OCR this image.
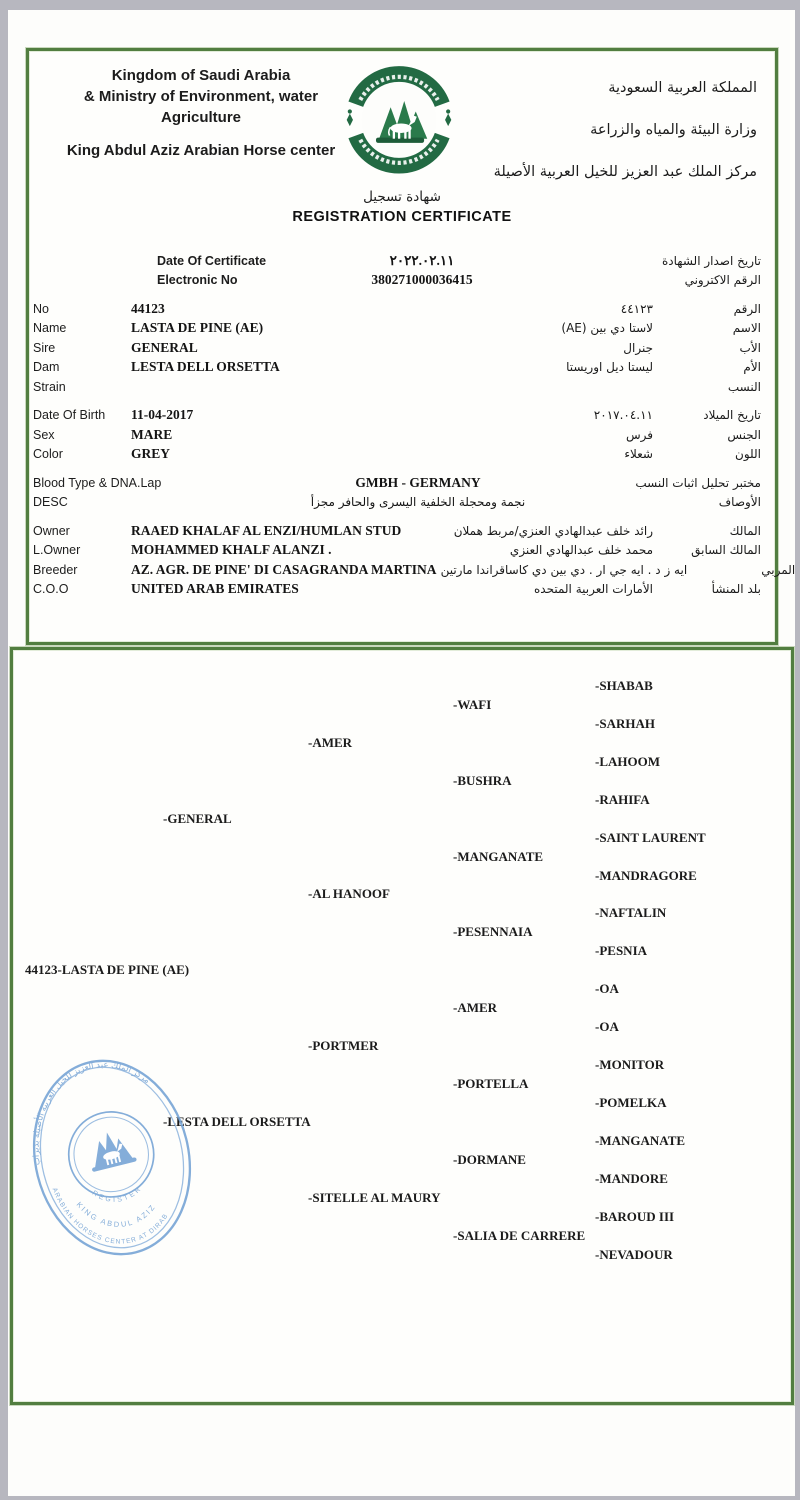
Kingdom of Saudi Arabia
& Ministry of Environment, water
Agriculture
King Abdul Aziz Arabian Horse center
المملكة العربية السعودية
وزارة البيئة والمياه والزراعة
مركز الملك عبد العزيز للخيل العربية الأصيلة
شهادة تسجيل
REGISTRATION CERTIFICATE
Date Of Certificate	٢٠٢٢.٠٢.١١	تاريخ اصدار الشهادة
Electronic No	380271000036415	الرقم الاكتروني
No	44123	٤٤١٢٣	الرقم
Name	LASTA DE PINE (AE)	لاستا دي بين (AE)	الاسم
Sire	GENERAL	جنرال	الأب
Dam	LESTA DELL ORSETTA	ليستا ديل اوريستا	الأم
Strain	النسب
Date Of Birth	11-04-2017	٢٠١٧.٠٤.١١	تاريخ الميلاد
Sex	MARE	فرس	الجنس
Color	GREY	شعلاء	اللون
Blood Type & DNA.Lap	GMBH - GERMANY	مختبر تحليل اثبات النسب
DESC	نجمة ومحجلة الخلفية اليسرى والحافر مجزأ	الأوصاف
Owner	RAAED KHALAF AL ENZI/HUMLAN STUD	رائد خلف عبدالهادي العنزي/مربط هملان	المالك
L.Owner	MOHAMMED KHALF ALANZI .	محمد خلف عبدالهادي العنزي	المالك السابق
Breeder	AZ. AGR. DE PINE' DI CASAGRANDA MARTINA ايه ز د . ايه جي ار . دي بين دي كاساقراندا مارتين	المربي
C.O.O	UNITED ARAB EMIRATES	الأمارات العربية المتحده	بلد المنشأ
44123-LASTA DE PINE (AE)
- GENERAL
- LESTA DELL ORSETTA
- AMER
- AL HANOOF
- PORTMER
- SITELLE AL MAURY
- WAFI
- BUSHRA
- MANGANATE
- PESENNAIA
- AMER
- PORTELLA
- DORMANE
- SALIA DE CARRERE
- SHABAB
- SARHAH
- LAHOOM
- RAHIFA
- SAINT LAURENT
- MANDRAGORE
- NAFTALIN
- PESNIA
- OA
- OA
- MONITOR
- POMELKA
- MANGANATE
- MANDORE
- BAROUD III
- NEVADOUR
مركز الملك عبد العزيز للخيل العربية الأصيلة بديراب
REGISTER
KING ABDUL AZIZ
ARABIAN HORSES CENTER AT DIRAB
